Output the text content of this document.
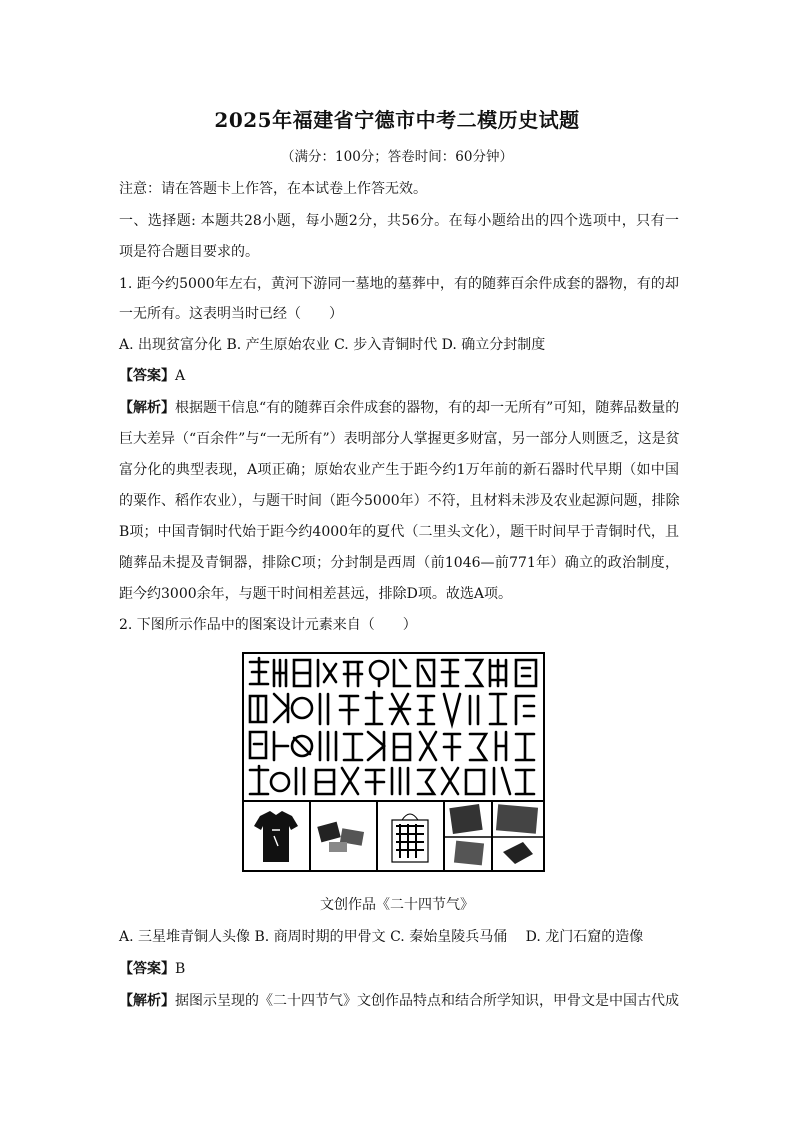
2025年福建省宁德市中考二模历史试题
（满分：100分；答卷时间：60分钟）
注意：请在答题卡上作答，在本试卷上作答无效。
一、选择题: 本题共28小题，每小题2分，共56分。在每小题给出的四个选项中，只有一
项是符合题目要求的。
1. 距今约5000年左右，黄河下游同一墓地的墓葬中，有的随葬百余件成套的器物，有的却
一无所有。这表明当时已经（　　）
A. 出现贫富分化 B. 产生原始农业 C. 步入青铜时代 D. 确立分封制度
【答案】A
【解析】根据题干信息“有的随葬百余件成套的器物，有的却一无所有”可知，随葬品数量的
巨大差异（“百余件”与“一无所有”）表明部分人掌握更多财富，另一部分人则匮乏，这是贫
富分化的典型表现，A项正确；原始农业产生于距今约1万年前的新石器时代早期（如中国
的粟作、稻作农业），与题干时间（距今5000年）不符，且材料未涉及农业起源问题，排除
B项；中国青铜时代始于距今约4000年的夏代（二里头文化），题干时间早于青铜时代，且
随葬品未提及青铜器，排除C项；分封制是西周（前1046—前771年）确立的政治制度，
距今约3000余年，与题干时间相差甚远，排除D项。故选A项。
2. 下图所示作品中的图案设计元素来自（　　）
文创作品《二十四节气》
A. 三星堆青铜人头像 B. 商周时期的甲骨文 C. 秦始皇陵兵马俑　 D. 龙门石窟的造像
【答案】B
【解析】据图示呈现的《二十四节气》文创作品特点和结合所学知识，甲骨文是中国古代成
